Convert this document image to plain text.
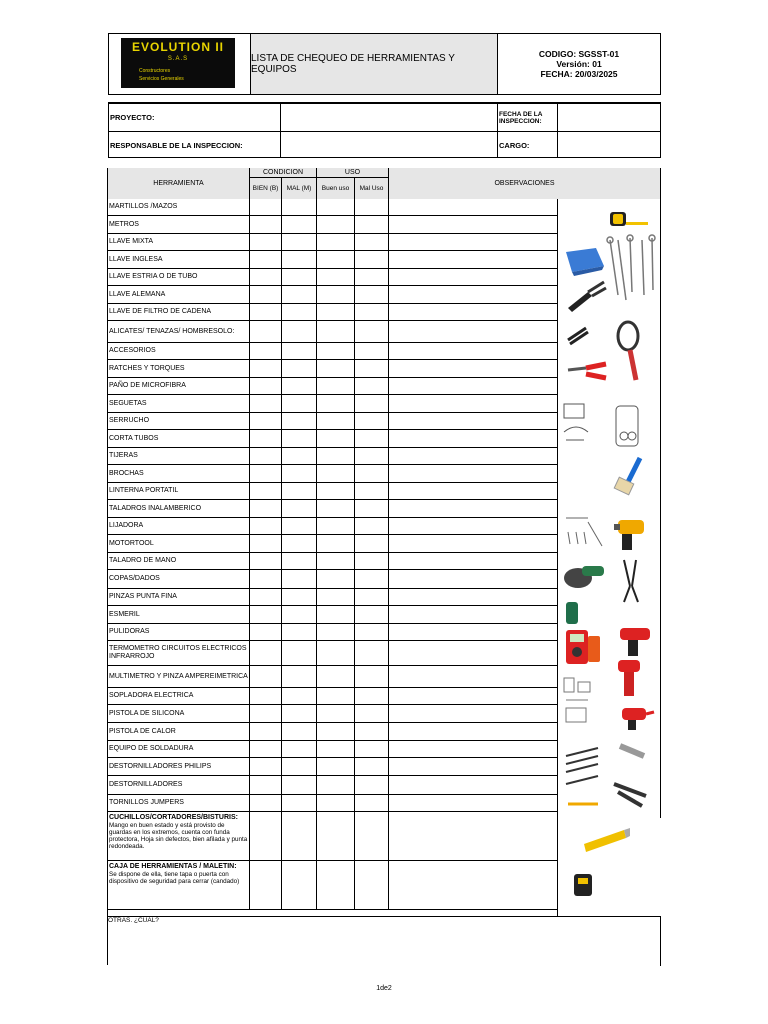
EVOLUTION II
S.A.S
Constructores
Servicios Generales
LISTA DE CHEQUEO DE HERRAMIENTAS Y EQUIPOS
CODIGO: SGSST-01
Versión: 01
FECHA: 20/03/2025
PROYECTO:	FECHA DE LA INSPECCION:
RESPONSABLE DE LA INSPECCION:	CARGO:
HERRAMIENTA
CONDICION	USO
BIEN (B)	MAL (M)	Buen uso	Mal Uso
OBSERVACIONES
MARTILLOS /MAZOS
METROS
LLAVE MIXTA
LLAVE INGLESA
LLAVE ESTRIA O DE TUBO
LLAVE ALEMANA
LLAVE DE FILTRO DE CADENA
ALICATES/ TENAZAS/ HOMBRESOLO:
ACCESORIOS
RATCHES Y TORQUES
PAÑO DE MICROFIBRA
SEGUETAS
SERRUCHO
CORTA TUBOS
TIJERAS
BROCHAS
LINTERNA PORTATIL
TALADROS INALAMBERICO
LIJADORA
MOTORTOOL
TALADRO DE MANO
COPAS/DADOS
PINZAS PUNTA FINA
ESMERIL
PULIDORAS
TERMOMETRO CIRCUITOS ELECTRICOS INFRARROJO
MULTIMETRO Y PINZA AMPEREIMETRICA
SOPLADORA ELECTRICA
PISTOLA DE SILICONA
PISTOLA DE CALOR
EQUIPO DE SOLDADURA
DESTORNILLADORES PHILIPS
DESTORNILLADORES
TORNILLOS JUMPERS
CUCHILLOS/CORTADORES/BISTURIS:
Mango en buen estado y está provisto de guardas en los extremos, cuenta con funda protectora, Hoja sin defectos, bien afilada y punta redondeada.
CAJA DE HERRAMIENTAS / MALETIN:
Se dispone de ella, tiene tapa o puerta con dispositivo de seguridad para cerrar (candado)
OTRAS. ¿CUAL?
1de2
